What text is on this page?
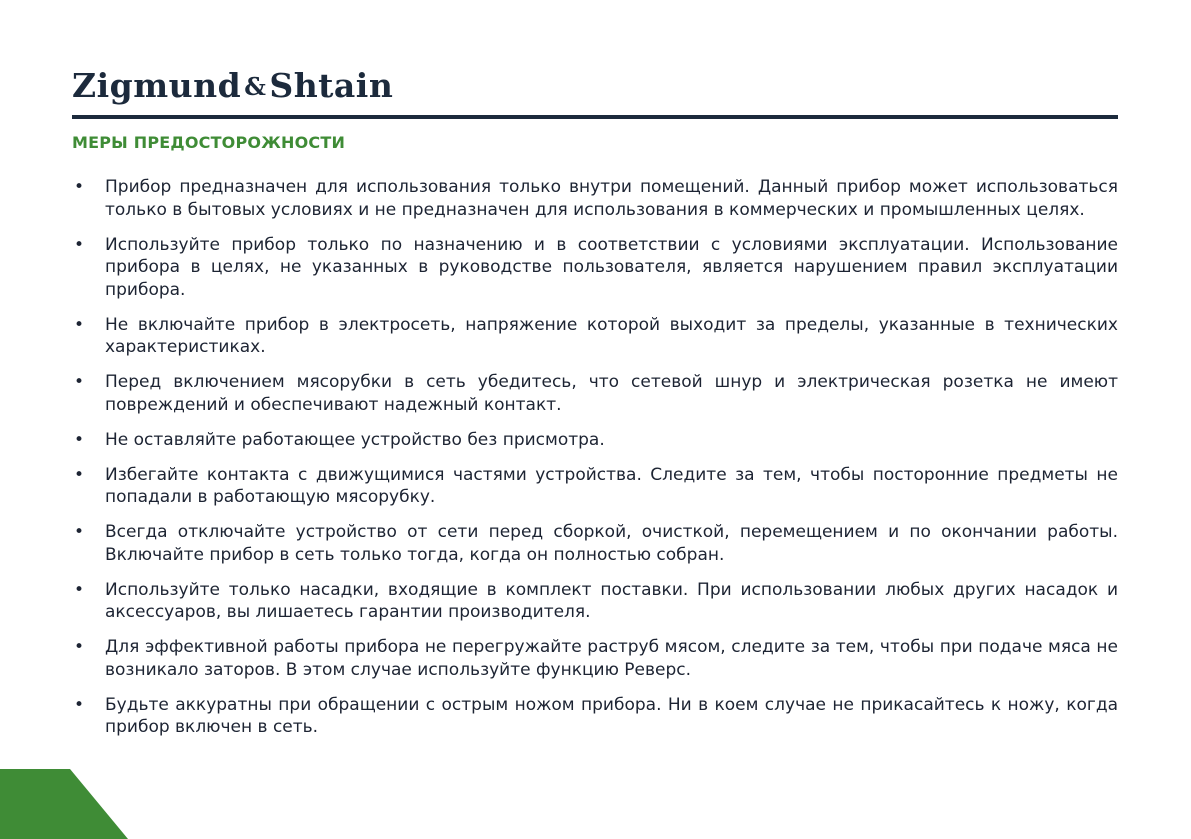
Zigmund &Shtain
МЕРЫ ПРЕДОСТОРОЖНОСТИ
• Прибор предназначен для использования только внутри помещений. Данный прибор может использоваться только в бытовых условиях и не предназначен для использования в коммерческих и промышленных целях.
• Используйте прибор только по назначению и в соответствии с условиями эксплуатации. Использование прибора в целях, не указанных в руководстве пользователя, является нарушением правил эксплуатации прибора.
• Не включайте прибор в электросеть, напряжение которой выходит за пределы, указанные в технических характеристиках.
• Перед включением мясорубки в сеть убедитесь, что сетевой шнур и электрическая розетка не имеют повреждений и обеспечивают надежный контакт.
• Не оставляйте работающее устройство без присмотра.
• Избегайте контакта с движущимися частями устройства. Следите за тем, чтобы посторонние предметы не попадали в работающую мясорубку.
• Всегда отключайте устройство от сети перед сборкой, очисткой, перемещением и по окончании работы. Включайте прибор в сеть только тогда, когда он полностью собран.
• Используйте только насадки, входящие в комплект поставки. При использовании любых других насадок и аксессуаров, вы лишаетесь гарантии производителя.
• Для эффективной работы прибора не перегружайте раструб мясом, следите за тем, чтобы при подаче мяса не возникало заторов. В этом случае используйте функцию Реверс.
• Будьте аккуратны при обращении с острым ножом прибора. Ни в коем случае не прикасайтесь к ножу, когда прибор включен в сеть.
